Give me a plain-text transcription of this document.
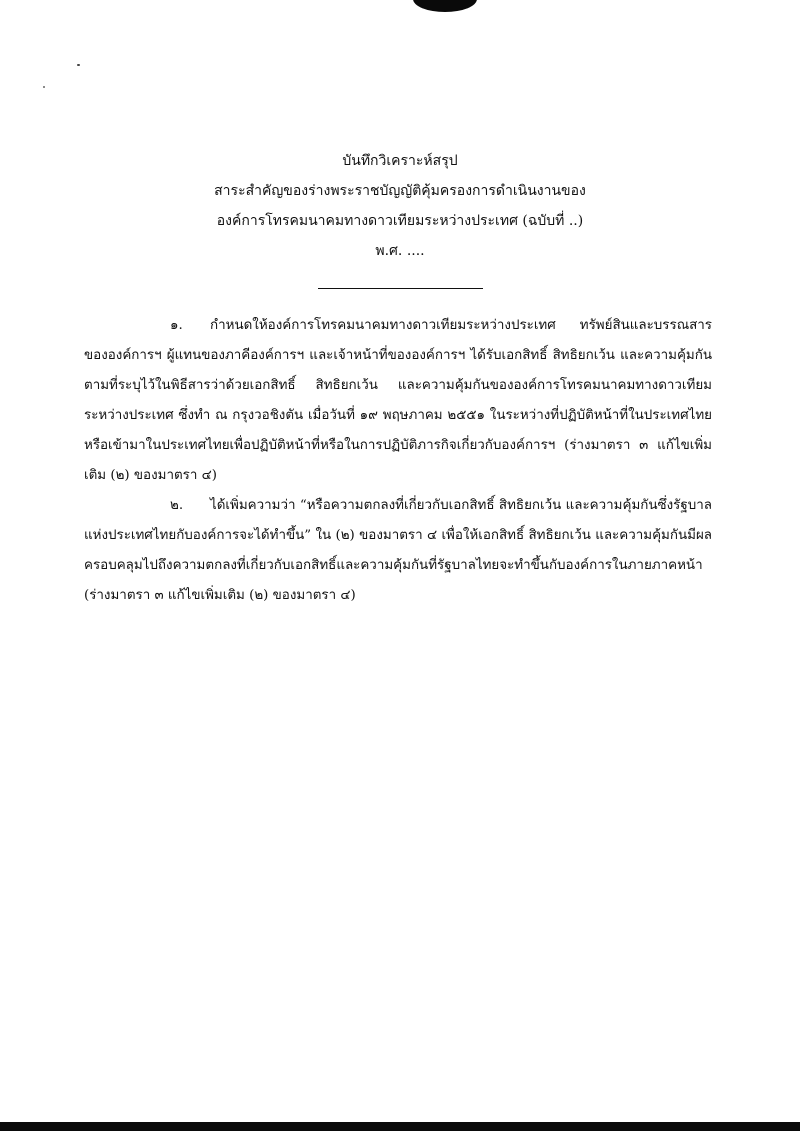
บันทึกวิเคราะห์สรุป
สาระสำคัญของร่างพระราชบัญญัติคุ้มครองการดำเนินงานของ
องค์การโทรคมนาคมทางดาวเทียมระหว่างประเทศ (ฉบับที่ ..)
พ.ศ. ....

๑. กำหนดให้องค์การโทรคมนาคมทางดาวเทียมระหว่างประเทศ ทรัพย์สินและบรรณสารขององค์การฯ ผู้แทนของภาคีองค์การฯ และเจ้าหน้าที่ขององค์การฯ ได้รับเอกสิทธิ์ สิทธิยกเว้น และความคุ้มกันตามที่ระบุไว้ในพิธีสารว่าด้วยเอกสิทธิ์ สิทธิยกเว้น และความคุ้มกันขององค์การโทรคมนาคมทางดาวเทียมระหว่างประเทศ ซึ่งทำ ณ กรุงวอชิงตัน เมื่อวันที่ ๑๙ พฤษภาคม ๒๕๕๑ ในระหว่างที่ปฏิบัติหน้าที่ในประเทศไทยหรือเข้ามาในประเทศไทยเพื่อปฏิบัติหน้าที่หรือในการปฏิบัติภารกิจเกี่ยวกับองค์การฯ (ร่างมาตรา ๓ แก้ไขเพิ่มเติม (๒) ของมาตรา ๔)

๒. ได้เพิ่มความว่า “หรือความตกลงที่เกี่ยวกับเอกสิทธิ์ สิทธิยกเว้น และความคุ้มกันซึ่งรัฐบาลแห่งประเทศไทยกับองค์การจะได้ทำขึ้น” ใน (๒) ของมาตรา ๔ เพื่อให้เอกสิทธิ์ สิทธิยกเว้น และความคุ้มกันมีผลครอบคลุมไปถึงความตกลงที่เกี่ยวกับเอกสิทธิ์และความคุ้มกันที่รัฐบาลไทยจะทำขึ้นกับองค์การในภายภาคหน้า (ร่างมาตรา ๓ แก้ไขเพิ่มเติม (๒) ของมาตรา ๔)
